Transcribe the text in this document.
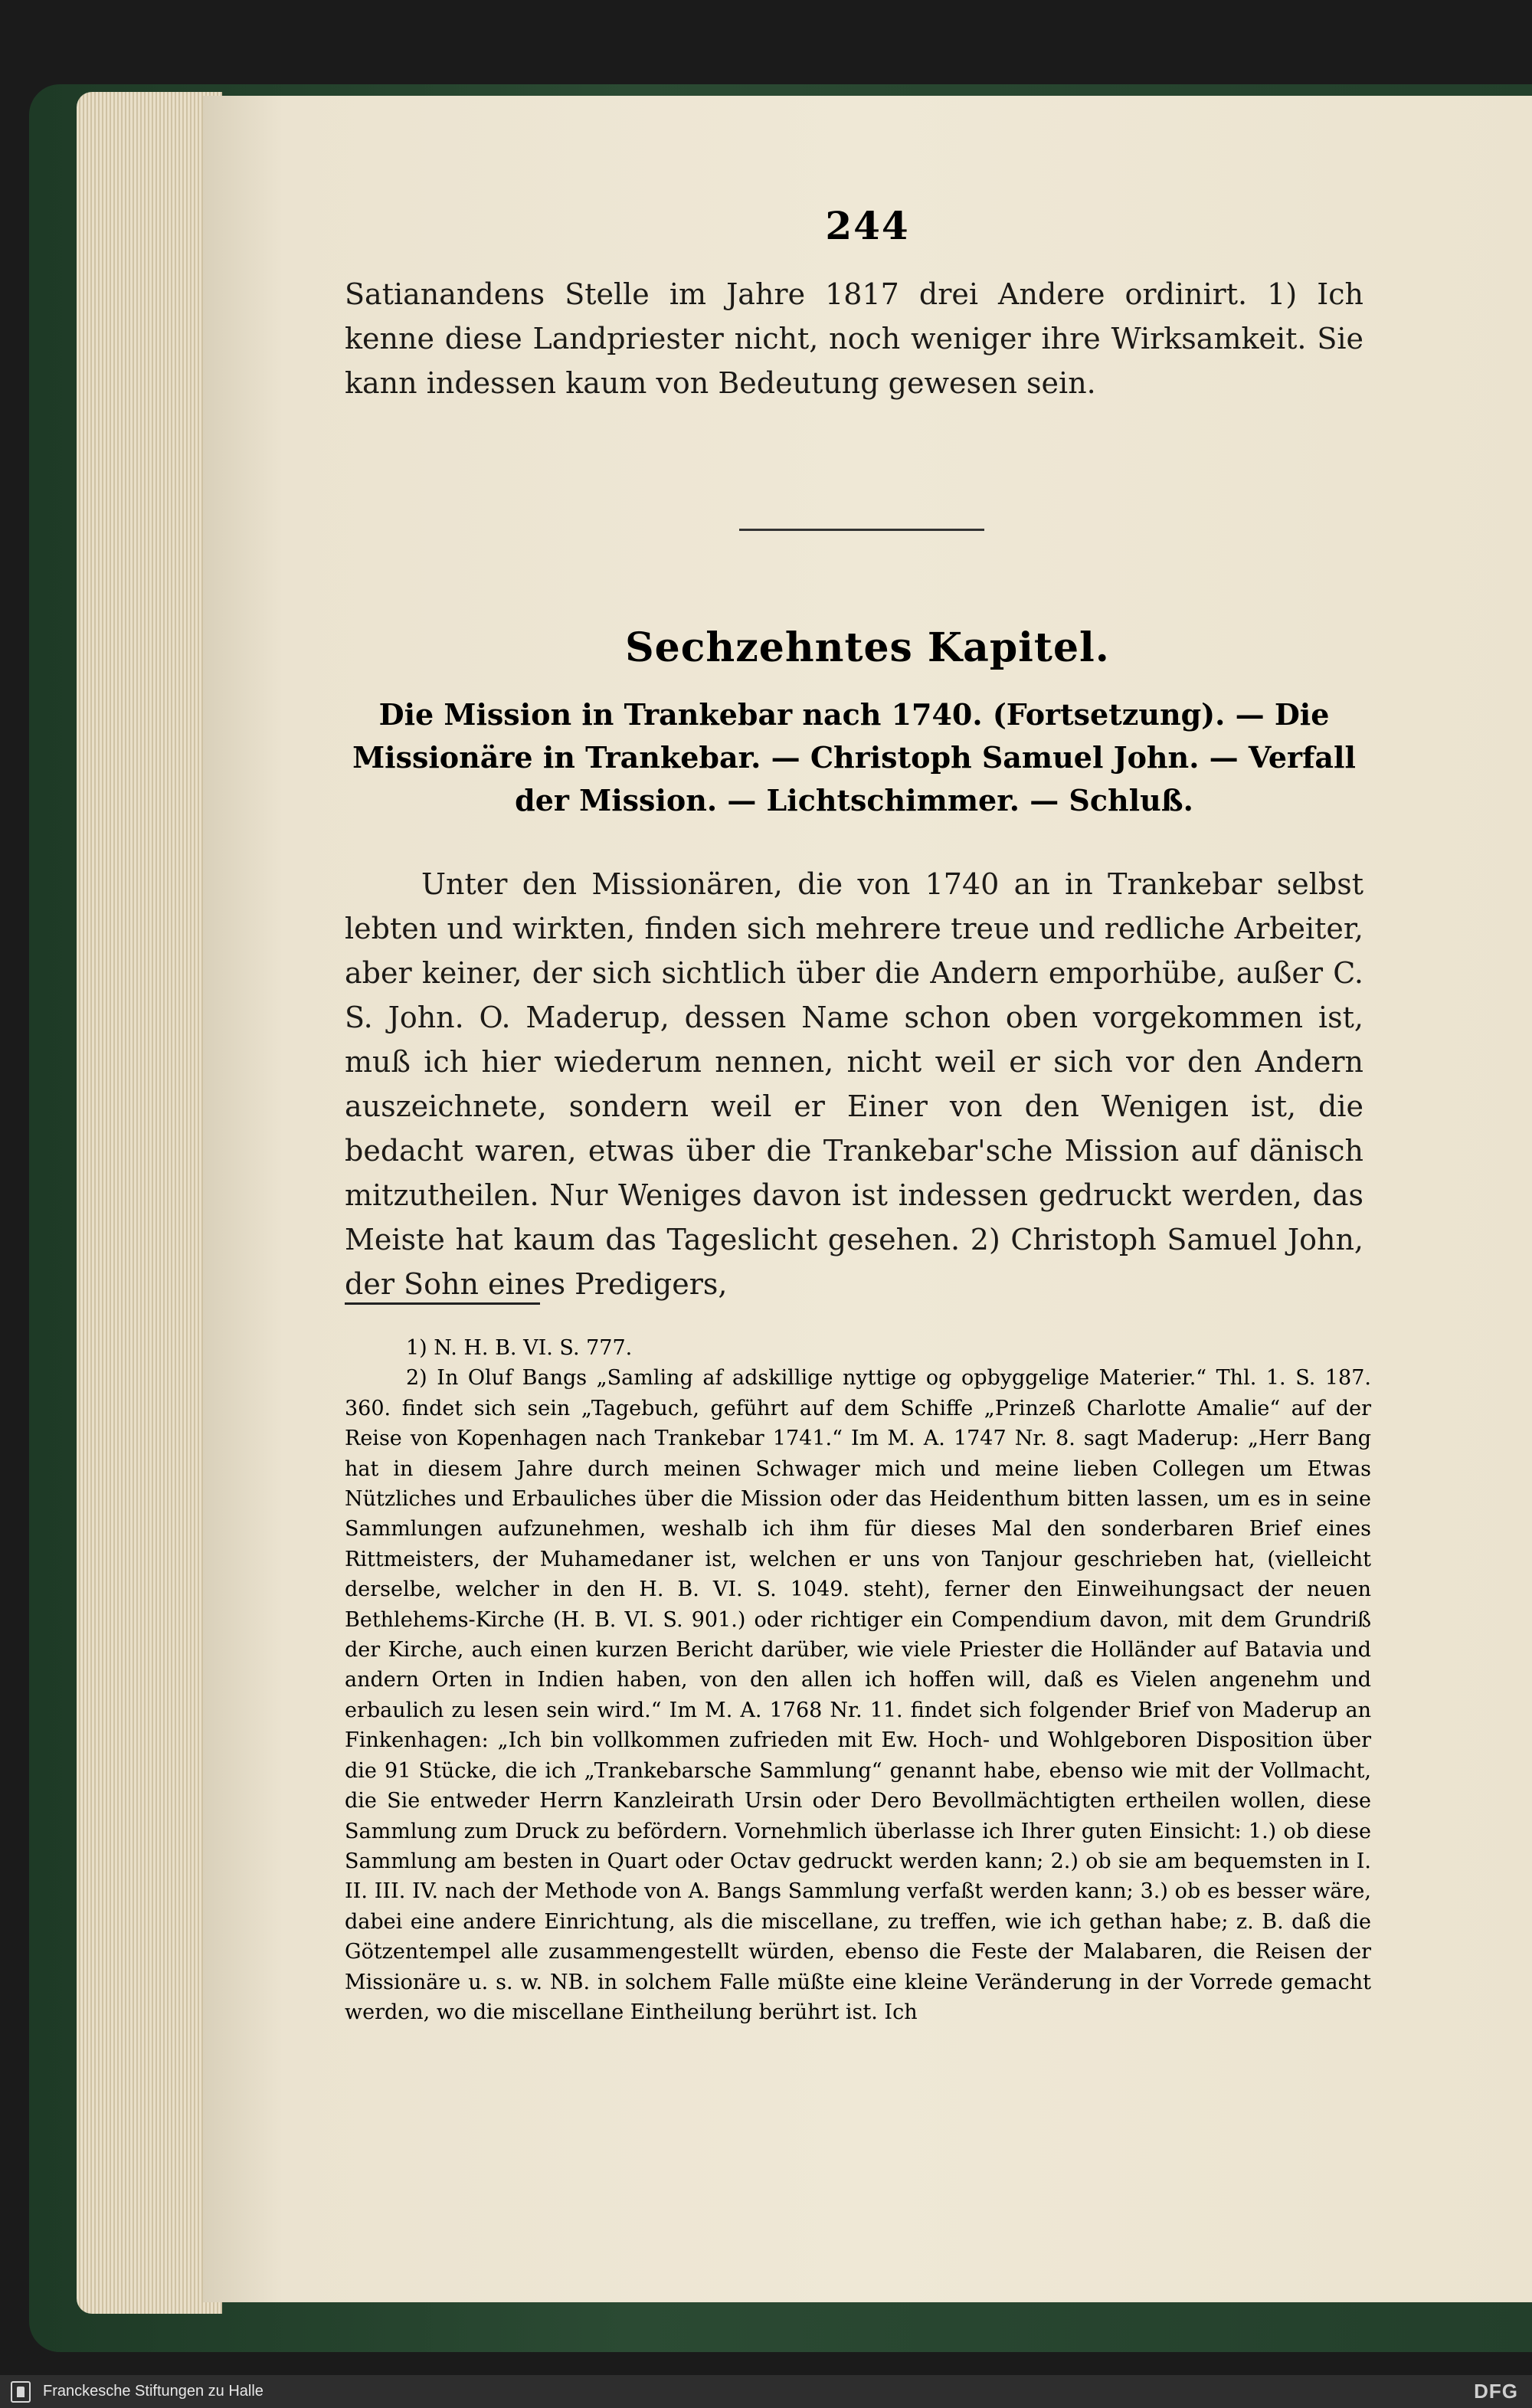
244

Satianandens Stelle im Jahre 1817 drei Andere ordinirt. 1) Ich kenne diese Landpriester nicht, noch weniger ihre Wirksamkeit. Sie kann indessen kaum von Bedeutung gewesen sein.

Sechzehntes Kapitel.
Die Mission in Trankebar nach 1740. (Fortsetzung). — Die Missionäre in Trankebar. — Christoph Samuel John. — Verfall der Mission. — Lichtschimmer. — Schluß.

Unter den Missionären, die von 1740 an in Trankebar selbst lebten und wirkten, finden sich mehrere treue und redliche Arbeiter, aber keiner, der sich sichtlich über die Andern emporhübe, außer C. S. John. O. Maderup, dessen Name schon oben vorgekommen ist, muß ich hier wiederum nennen, nicht weil er sich vor den Andern auszeichnete, sondern weil er Einer von den Wenigen ist, die bedacht waren, etwas über die Trankebar'sche Mission auf dänisch mitzutheilen. Nur Weniges davon ist indessen gedruckt werden, das Meiste hat kaum das Tageslicht gesehen. 2) Christoph Samuel John, der Sohn eines Predigers,

1) N. H. B. VI. S. 777.

2) In Oluf Bangs „Samling af adskillige nyttige og opbyggelige Materier.“ Thl. 1. S. 187. 360. findet sich sein „Tagebuch, geführt auf dem Schiffe „Prinzeß Charlotte Amalie“ auf der Reise von Kopenhagen nach Trankebar 1741.“ Im M. A. 1747 Nr. 8. sagt Maderup: „Herr Bang hat in diesem Jahre durch meinen Schwager mich und meine lieben Collegen um Etwas Nützliches und Erbauliches über die Mission oder das Heidenthum bitten lassen, um es in seine Sammlungen aufzunehmen, weshalb ich ihm für dieses Mal den sonderbaren Brief eines Rittmeisters, der Muhamedaner ist, welchen er uns von Tanjour geschrieben hat, (vielleicht derselbe, welcher in den H. B. VI. S. 1049. steht), ferner den Einweihungsact der neuen Bethlehems-Kirche (H. B. VI. S. 901.) oder richtiger ein Compendium davon, mit dem Grundriß der Kirche, auch einen kurzen Bericht darüber, wie viele Priester die Holländer auf Batavia und andern Orten in Indien haben, von den allen ich hoffen will, daß es Vielen angenehm und erbaulich zu lesen sein wird.“ Im M. A. 1768 Nr. 11. findet sich folgender Brief von Maderup an Finkenhagen: „Ich bin vollkommen zufrieden mit Ew. Hoch- und Wohlgeboren Disposition über die 91 Stücke, die ich „Trankebarsche Sammlung“ genannt habe, ebenso wie mit der Vollmacht, die Sie entweder Herrn Kanzleirath Ursin oder Dero Bevollmächtigten ertheilen wollen, diese Sammlung zum Druck zu befördern. Vornehmlich überlasse ich Ihrer guten Einsicht: 1.) ob diese Sammlung am besten in Quart oder Octav gedruckt werden kann; 2.) ob sie am bequemsten in I. II. III. IV. nach der Methode von A. Bangs Sammlung verfaßt werden kann; 3.) ob es besser wäre, dabei eine andere Einrichtung, als die miscellane, zu treffen, wie ich gethan habe; z. B. daß die Götzentempel alle zusammengestellt würden, ebenso die Feste der Malabaren, die Reisen der Missionäre u. s. w. NB. in solchem Falle müßte eine kleine Veränderung in der Vorrede gemacht werden, wo die miscellane Eintheilung berührt ist. Ich

Franckesche Stiftungen zu Halle	DFG
